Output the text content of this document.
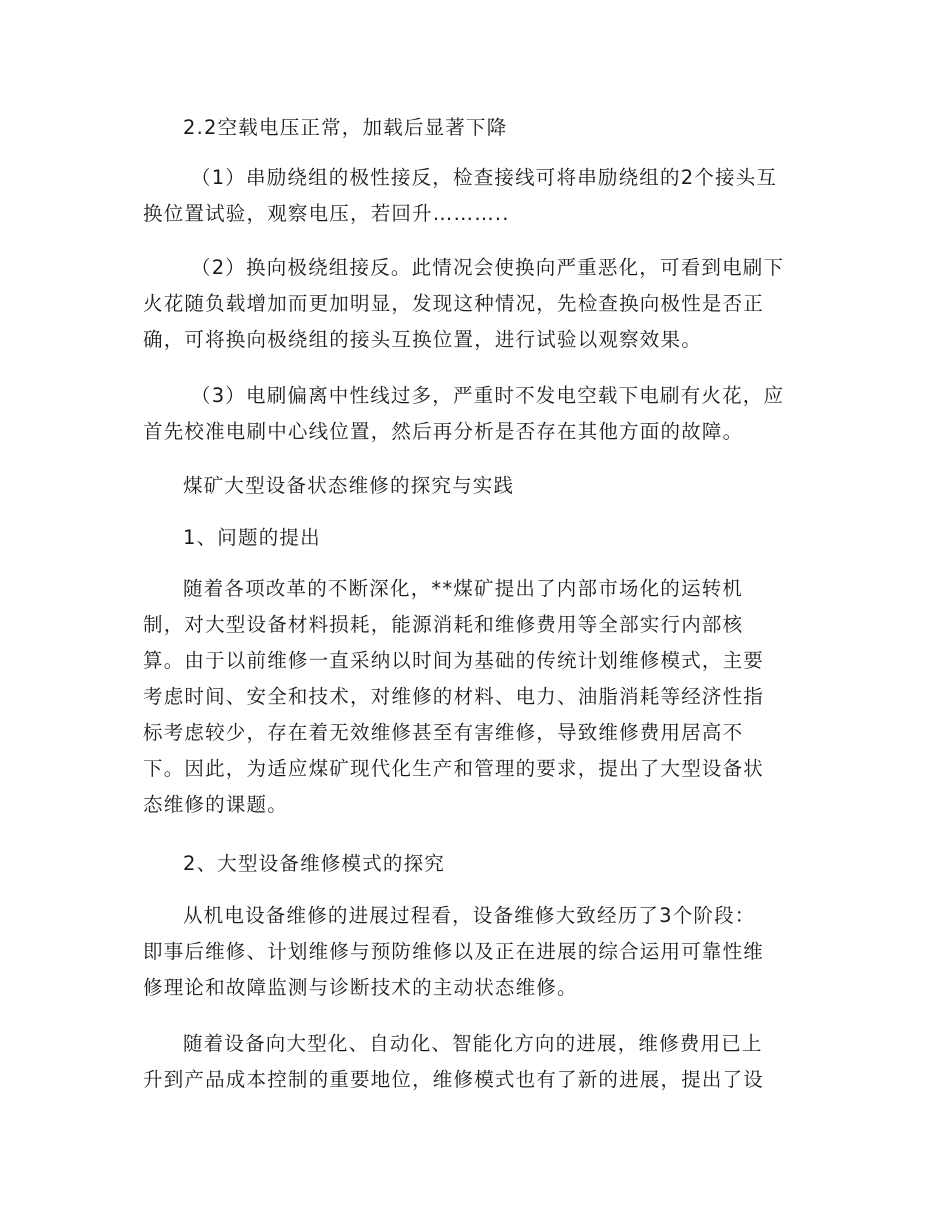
2.2空载电压正常，加载后显著下降
（1）串励绕组的极性接反，检查接线可将串励绕组的2个接头互
换位置试验，观察电压，若回升………..
（2）换向极绕组接反。此情况会使换向严重恶化，可看到电刷下
火花随负载增加而更加明显，发现这种情况，先检查换向极性是否正
确，可将换向极绕组的接头互换位置，进行试验以观察效果。
（3）电刷偏离中性线过多，严重时不发电空载下电刷有火花，应
首先校准电刷中心线位置，然后再分析是否存在其他方面的故障。
煤矿大型设备状态维修的探究与实践
1、问题的提出
随着各项改革的不断深化，**煤矿提出了内部市场化的运转机
制，对大型设备材料损耗，能源消耗和维修费用等全部实行内部核
算。由于以前维修一直采纳以时间为基础的传统计划维修模式，主要
考虑时间、安全和技术，对维修的材料、电力、油脂消耗等经济性指
标考虑较少，存在着无效维修甚至有害维修，导致维修费用居高不
下。因此，为适应煤矿现代化生产和管理的要求，提出了大型设备状
态维修的课题。
2、大型设备维修模式的探究
从机电设备维修的进展过程看，设备维修大致经历了3个阶段：
即事后维修、计划维修与预防维修以及正在进展的综合运用可靠性维
修理论和故障监测与诊断技术的主动状态维修。
随着设备向大型化、自动化、智能化方向的进展，维修费用已上
升到产品成本控制的重要地位，维修模式也有了新的进展，提出了设
